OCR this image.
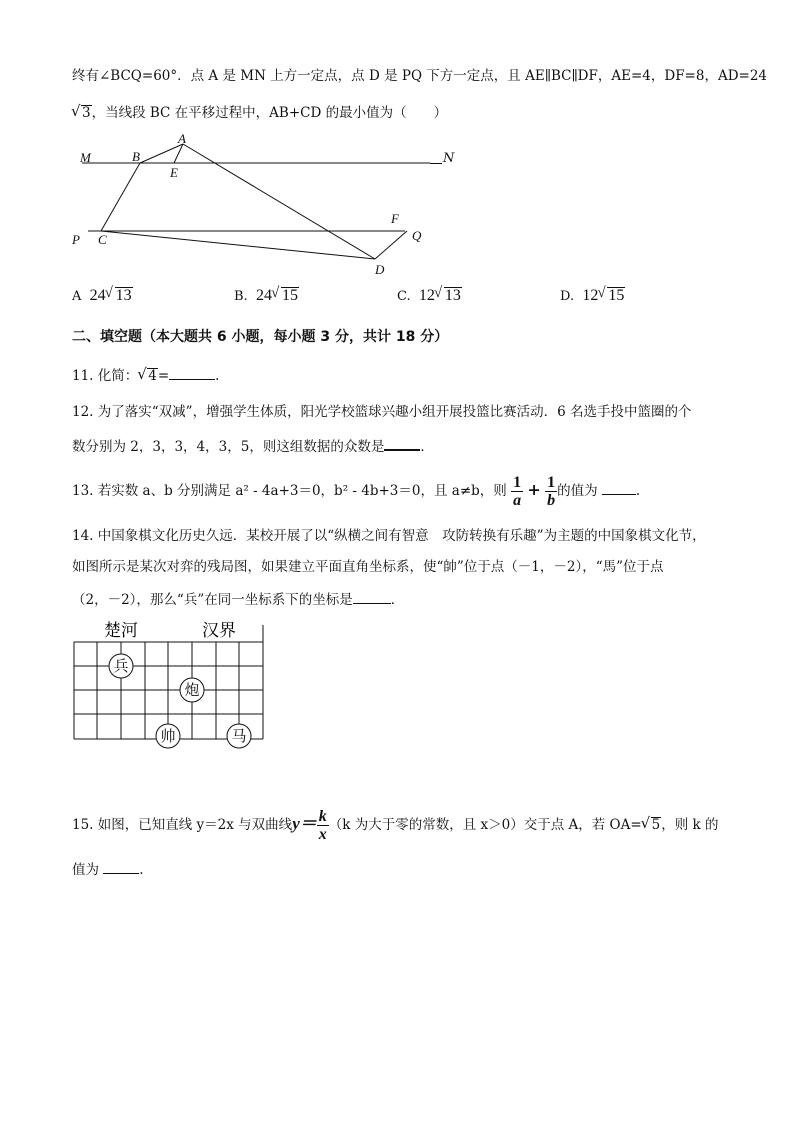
终有∠BCQ=60°．点 A 是 MN 上方一定点，点 D 是 PQ 下方一定点，且 AE∥BC∥DF，AE=4，DF=8，AD=24
√ 3，当线段 BC 在平移过程中，AB+CD 的最小值为（　　）
A
B
E
M
F
Q
P C
D
N
A 24 √ 13	B. 24 √ 15	C. 12 √ 13	D. 12 √ 15
二、填空题（本大题共 6 小题，每小题 3 分，共计 18 分）
11. 化简： √ 4=	.
12. 为了落实“双减”，增强学生体质，阳光学校篮球兴趣小组开展投篮比赛活动．6 名选手投中篮圈的个
数分别为 2，3，3，4，3，5，则这组数据的众数是	．
13. 若实数 a、b 分别满足 a² - 4a+3＝0，b² - 4b+3＝0，且 a≠b，则 $\frac{1}{a} + \frac{1}{b}$ 的值为	.
14. 中国象棋文化历史久远．某校开展了以“纵横之间有智意　攻防转换有乐趣”为主题的中国象棋文化节，
如图所示是某次对弈的残局图，如果建立平面直角坐标系，使“帥”位于点（－1，－2），“馬”位于点
（2，－2），那么“兵”在同一坐标系下的坐标是	．
楚河	汉界
兵
炮
帅	马
15. 如图，已知直线 y＝2x 与双曲线$y= \frac{k}{x} (k$ 为大于零的常数，且 x＞0）交于点 A，若 OA= √ 5，则 k 的
值为	.
